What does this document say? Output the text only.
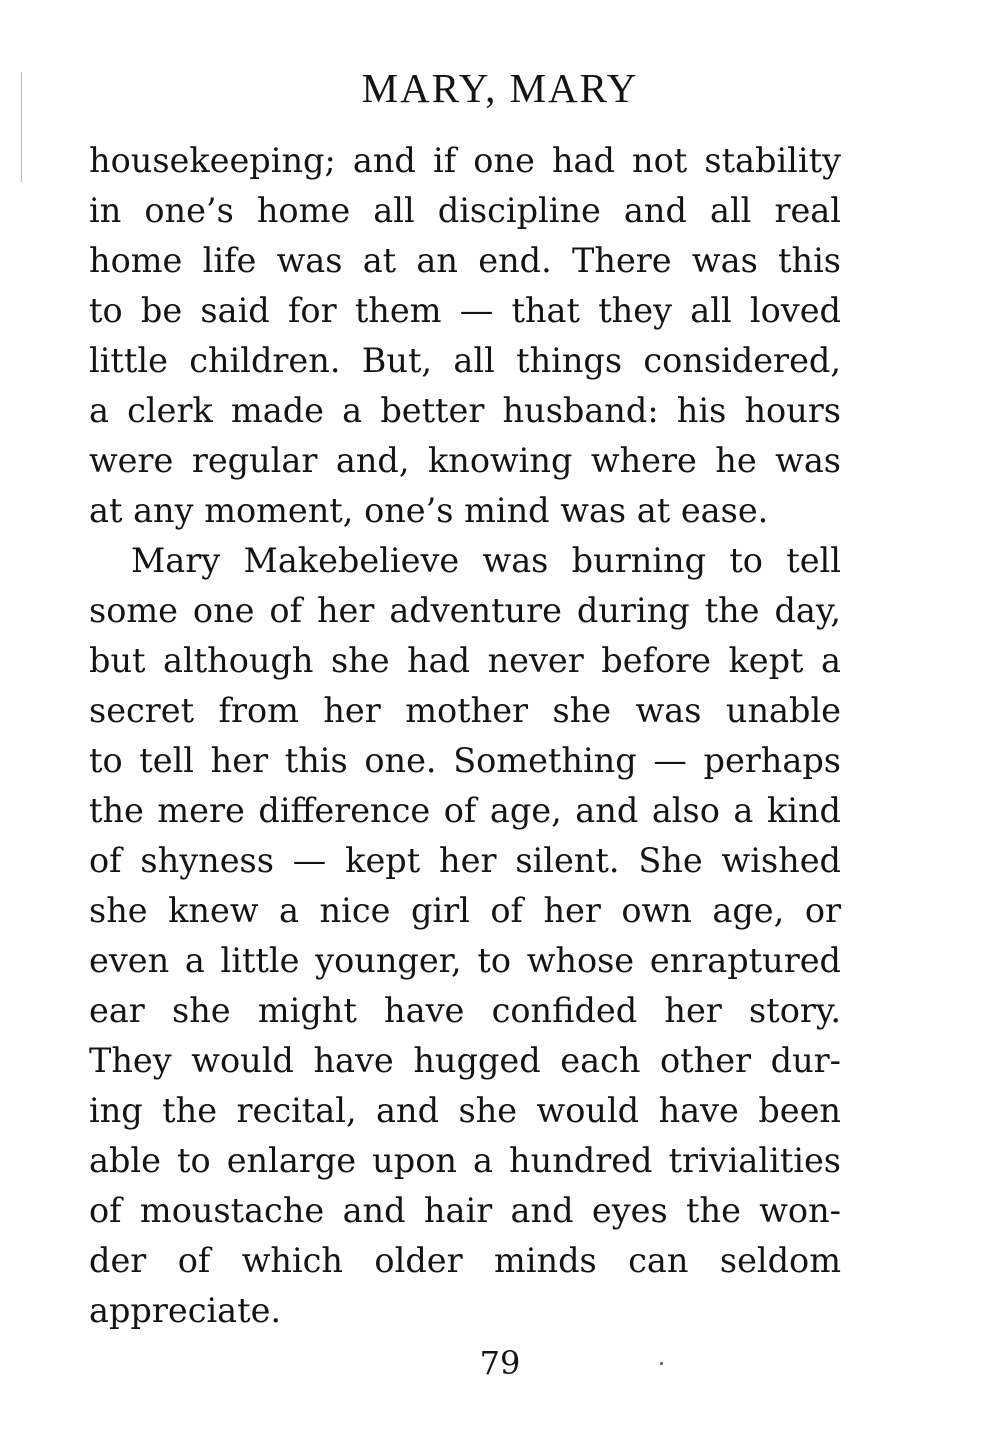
MARY, MARY
housekeeping; and if one had not stability
in one’s home all discipline and all real
home life was at an end. There was this
to be said for them — that they all loved
little children. But, all things considered,
a clerk made a better husband: his hours
were regular and, knowing where he was
at any moment, one’s mind was at ease.
Mary Makebelieve was burning to tell
some one of her adventure during the day,
but although she had never before kept a
secret from her mother she was unable
to tell her this one. Something — perhaps
the mere difference of age, and also a kind
of shyness — kept her silent. She wished
she knew a nice girl of her own age, or
even a little younger, to whose enraptured
ear she might have confided her story.
They would have hugged each other dur-
ing the recital, and she would have been
able to enlarge upon a hundred trivialities
of moustache and hair and eyes the won-
der of which older minds can seldom
appreciate.
79
